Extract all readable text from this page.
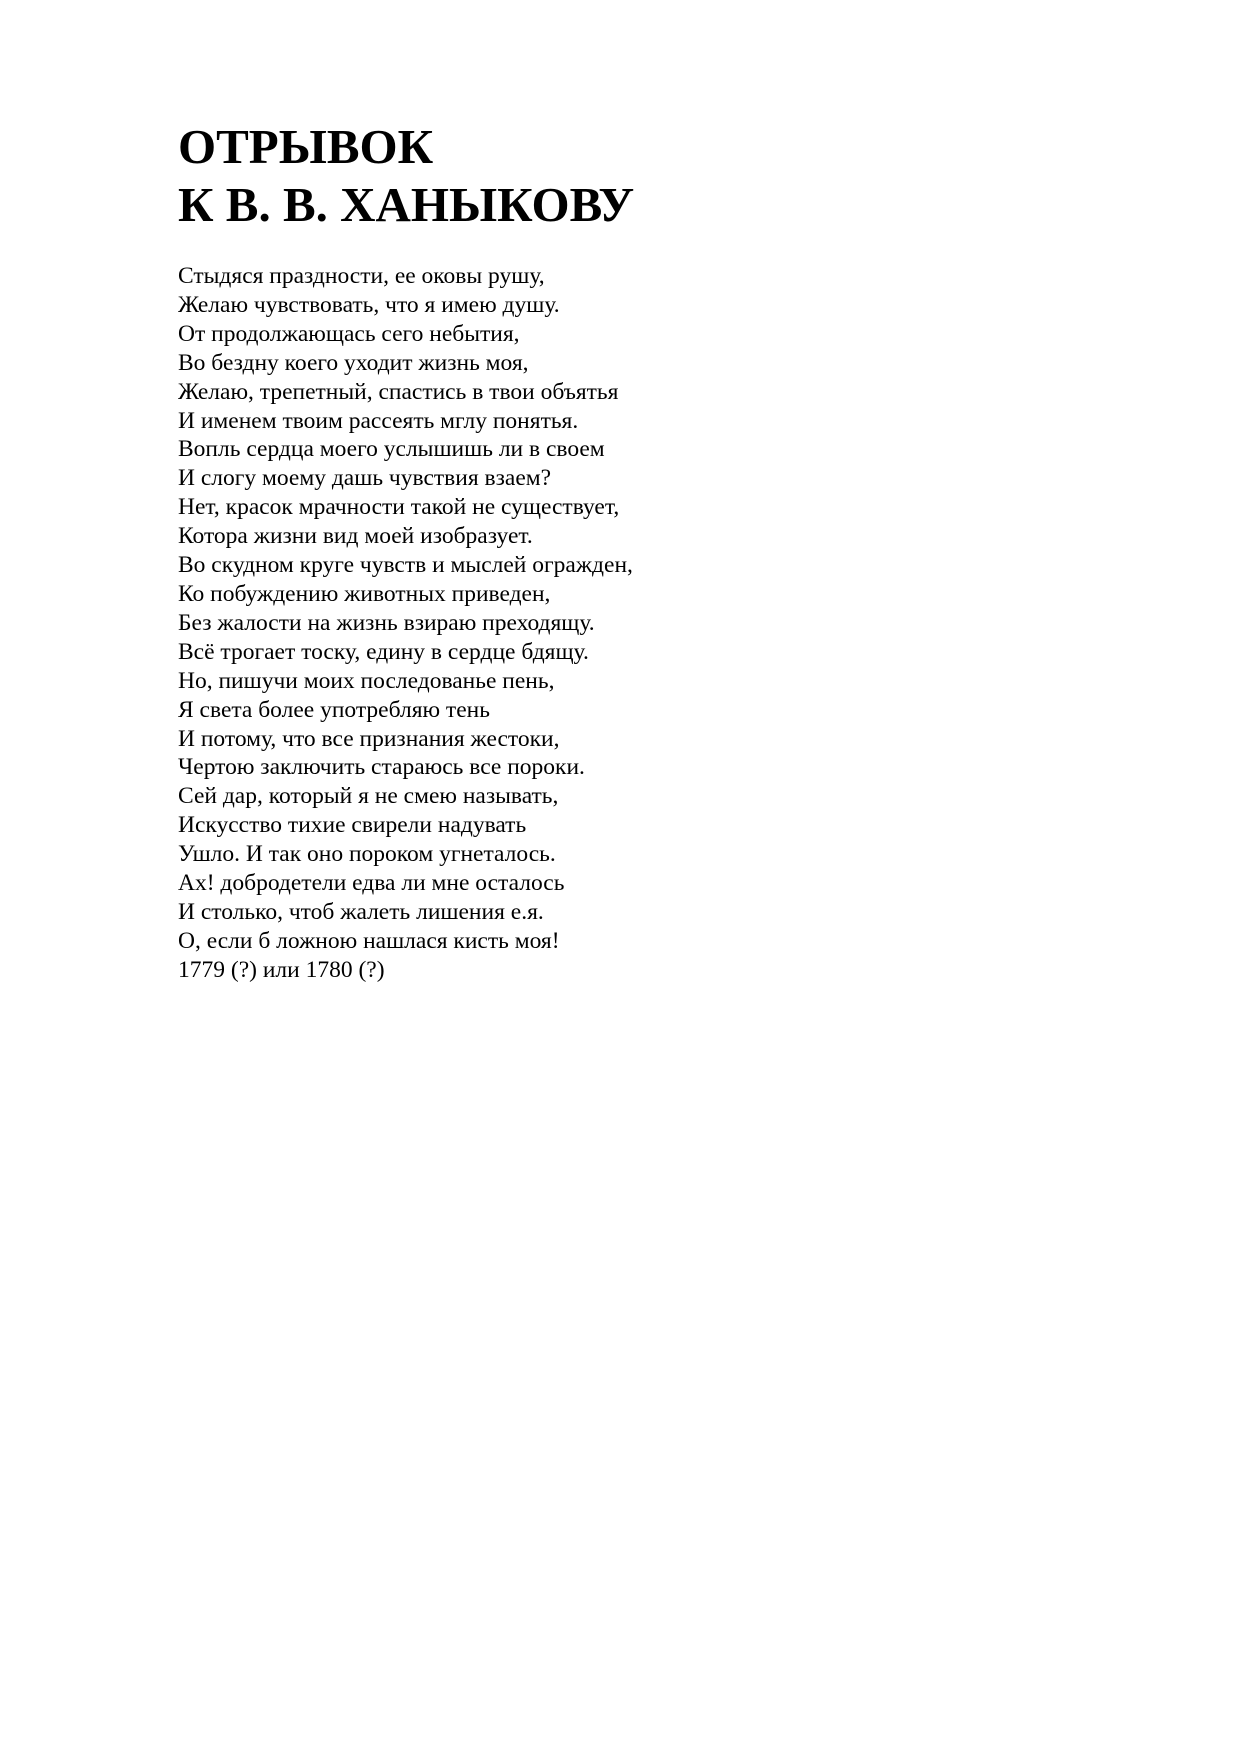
ОТРЫВОК
К В. В. ХАНЫКОВУ
Стыдяся праздности, ее оковы рушу,
Желаю чувствовать, что я имею душу.
От продолжающась сего небытия,
Во бездну коего уходит жизнь моя,
Желаю, трепетный, спастись в твои объятья
И именем твоим рассеять мглу понятья.
Вопль сердца моего услышишь ли в своем
И слогу моему дашь чувствия взаем?
Нет, красок мрачности такой не существует,
Котора жизни вид моей изобразует.
Во скудном круге чувств и мыслей огражден,
Ко побуждению животных приведен,
Без жалости на жизнь взираю преходящу.
Всё трогает тоску, едину в сердце бдящу.
Но, пишучи моих последованье пень,
Я света более употребляю тень
И потому, что все признания жестоки,
Чертою заключить стараюсь все пороки.
Сей дар, который я не смею называть,
Искусство тихие свирели надувать
Ушло. И так оно пороком угнеталось.
Ах! добродетели едва ли мне осталось
И столько, чтоб жалеть лишения е.я.
О, если б ложною нашлася кисть моя!
1779 (?) или 1780 (?)
